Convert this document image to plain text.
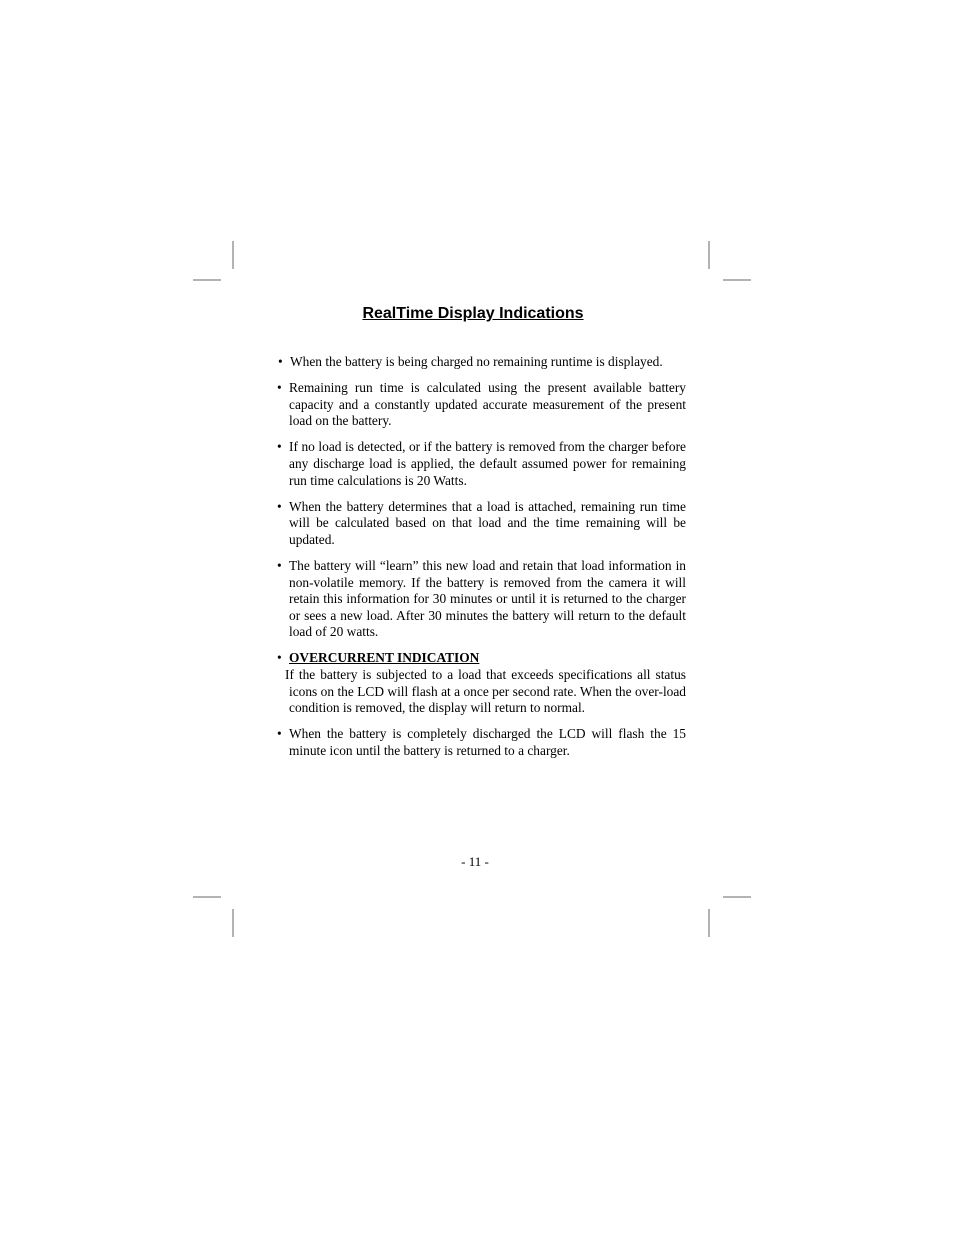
RealTime Display Indications
• When the battery is being charged no remaining runtime is displayed.
• Remaining run time is calculated using the present available battery capacity and a constantly updated accurate measurement of the present load on the battery.
• If no load is detected, or if the battery is removed from the charger before any discharge load is applied, the default assumed power for remaining run time calculations is 20 Watts.
• When the battery determines that a load is attached, remaining run time will be calculated based on that load and the time remaining will be updated.
• The battery will “learn” this new load and retain that load information in non-volatile memory. If the battery is removed from the camera it will retain this information for 30 minutes or until it is returned to the charger or sees a new load. After 30 minutes the battery will return to the default load of 20 watts.
• OVERCURRENT INDICATION
If the battery is subjected to a load that exceeds specifications all status icons on the LCD will flash at a once per second rate. When the over-load condition is removed, the display will return to normal.
• When the battery is completely discharged the LCD will flash the 15 minute icon until the battery is returned to a charger.

- 11 -
